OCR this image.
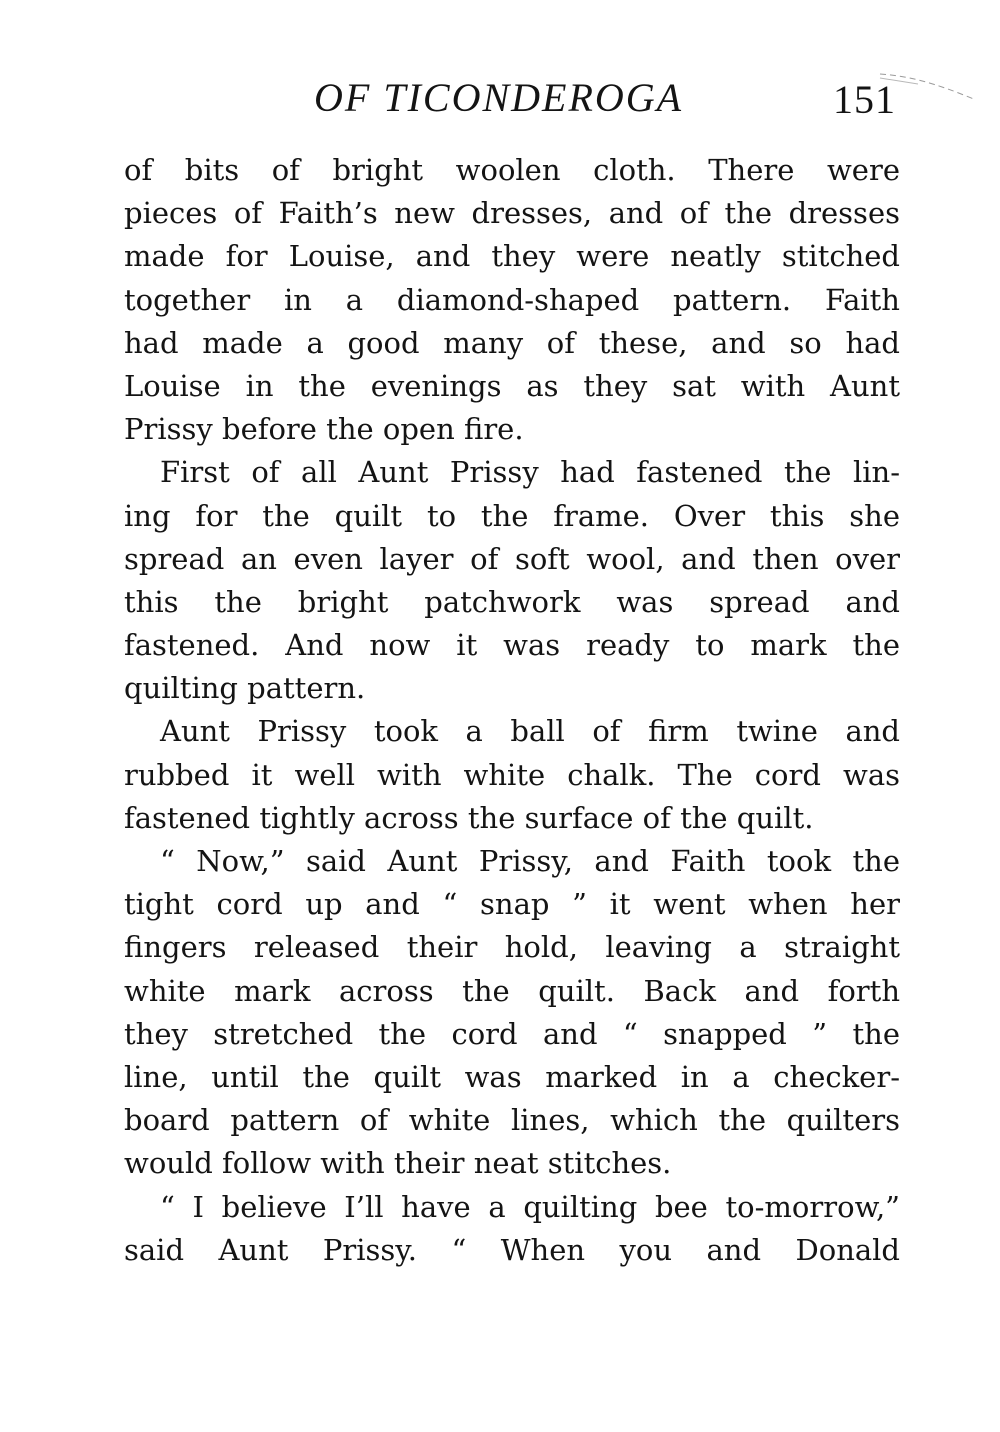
OF TICONDEROGA	151
of bits of bright woolen cloth. There were
pieces of Faith’s new dresses, and of the dresses
made for Louise, and they were neatly stitched
together in a diamond-shaped pattern. Faith
had made a good many of these, and so had
Louise in the evenings as they sat with Aunt
Prissy before the open fire.
First of all Aunt Prissy had fastened the lin-
ing for the quilt to the frame. Over this she
spread an even layer of soft wool, and then over
this the bright patchwork was spread and
fastened. And now it was ready to mark the
quilting pattern.
Aunt Prissy took a ball of firm twine and
rubbed it well with white chalk. The cord was
fastened tightly across the surface of the quilt.
“ Now,” said Aunt Prissy, and Faith took the
tight cord up and “ snap ” it went when her
fingers released their hold, leaving a straight
white mark across the quilt. Back and forth
they stretched the cord and “ snapped ” the
line, until the quilt was marked in a checker-
board pattern of white lines, which the quilters
would follow with their neat stitches.
“ I believe I’ll have a quilting bee to-morrow,”
said Aunt Prissy. “ When you and Donald
